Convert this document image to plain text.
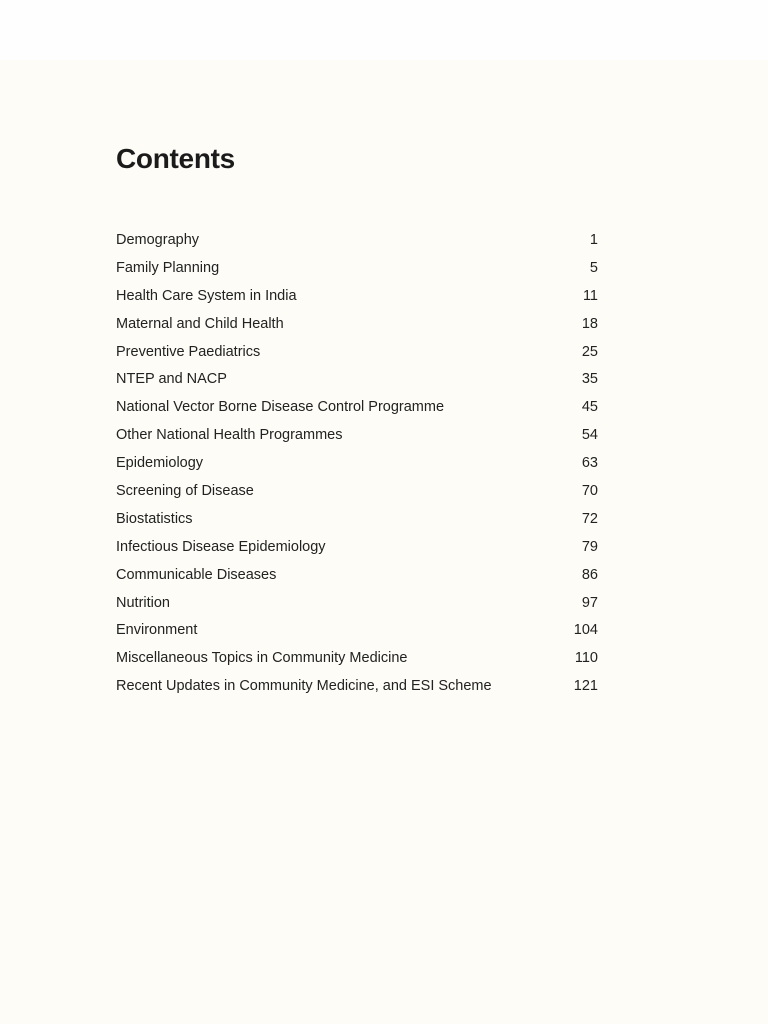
Contents
Demography	1
Family Planning	5
Health Care System in India	11
Maternal and Child Health	18
Preventive Paediatrics	25
NTEP and NACP	35
National Vector Borne Disease Control Programme	45
Other National Health Programmes	54
Epidemiology	63
Screening of Disease	70
Biostatistics	72
Infectious Disease Epidemiology	79
Communicable Diseases	86
Nutrition	97
Environment	104
Miscellaneous Topics in Community Medicine	110
Recent Updates in Community Medicine, and ESI Scheme	121
